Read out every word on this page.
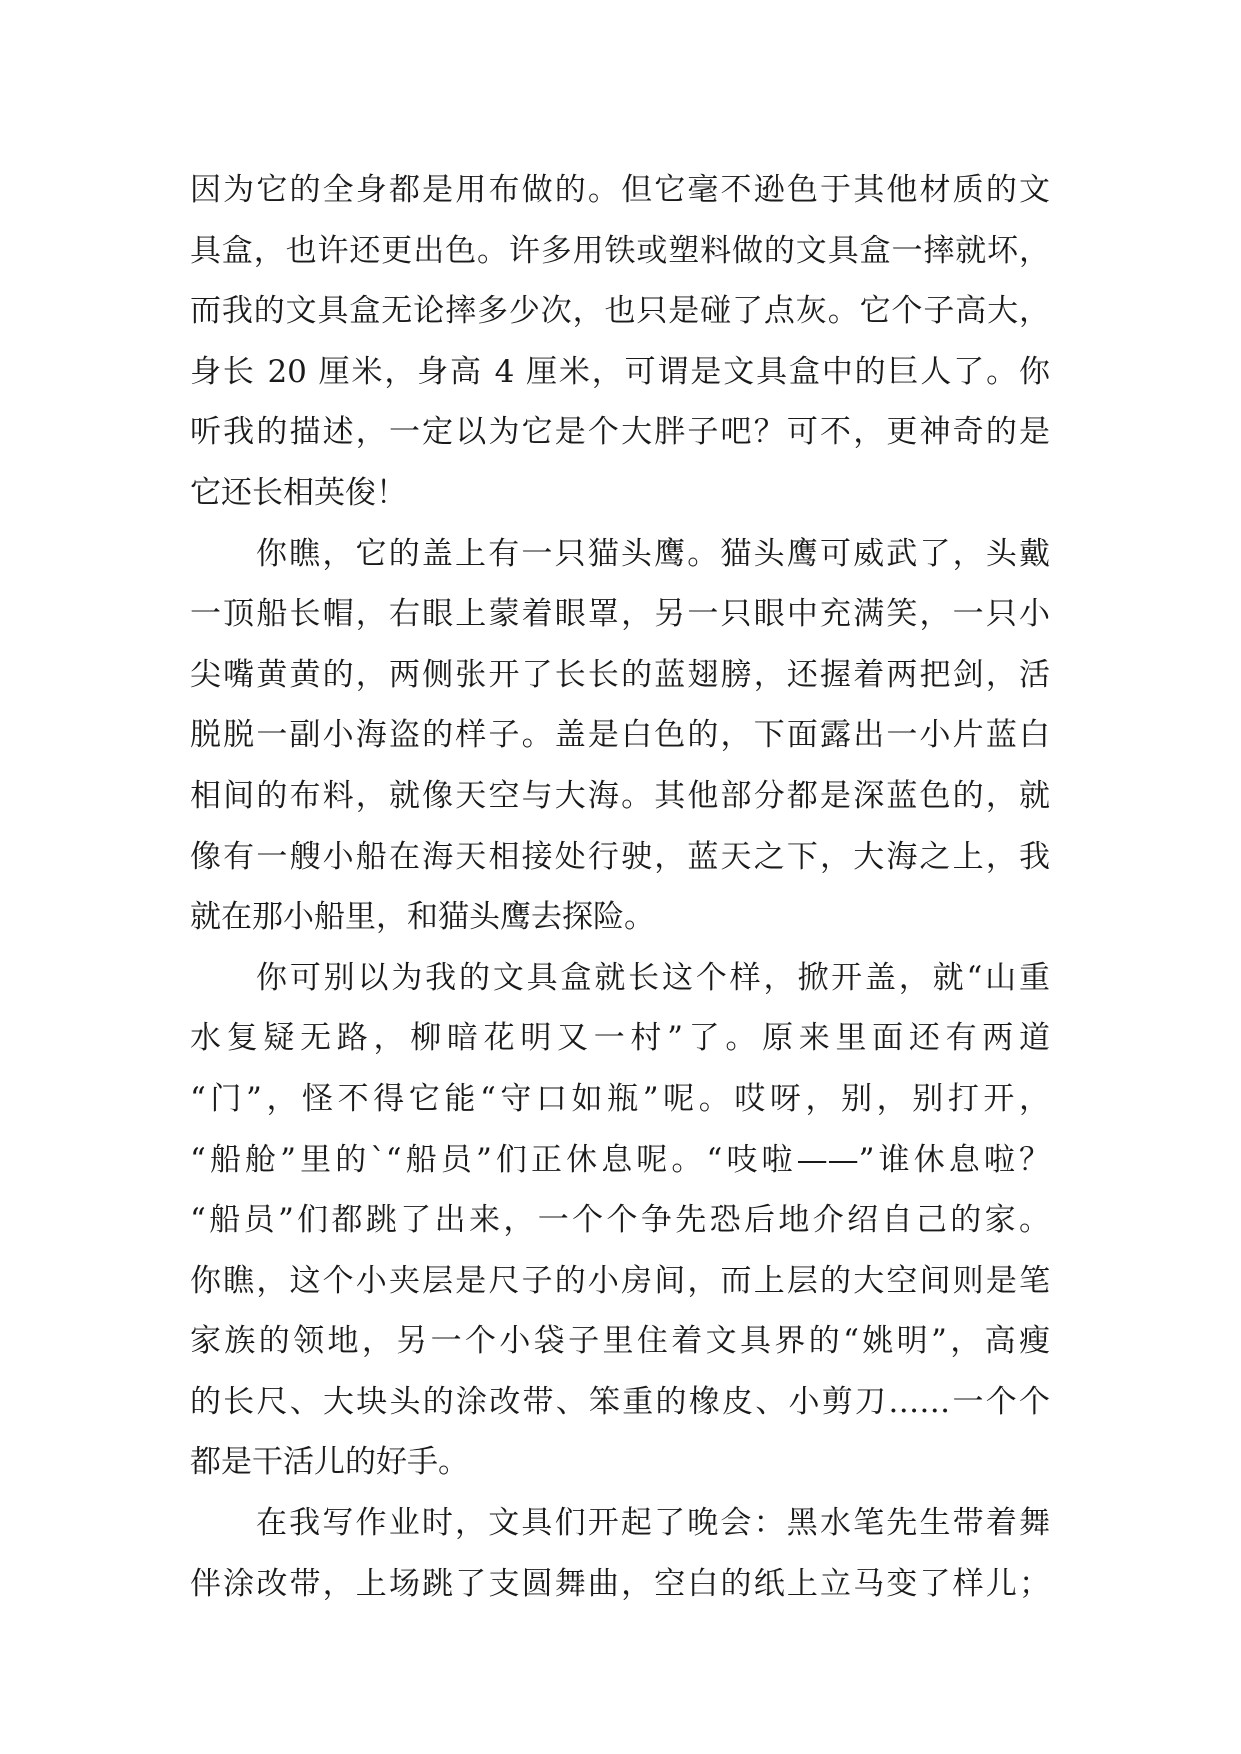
因为它的全身都是用布做的。但它毫不逊色于其他材质的文
具盒，也许还更出色。许多用铁或塑料做的文具盒一摔就坏，
而我的文具盒无论摔多少次，也只是碰了点灰。它个子高大，
身长 20 厘米，身高 4 厘米，可谓是文具盒中的巨人了。你
听我的描述，一定以为它是个大胖子吧？可不，更神奇的是
它还长相英俊！
你瞧，它的盖上有一只猫头鹰。猫头鹰可威武了，头戴
一顶船长帽，右眼上蒙着眼罩，另一只眼中充满笑，一只小
尖嘴黄黄的，两侧张开了长长的蓝翅膀，还握着两把剑，活
脱脱一副小海盗的样子。盖是白色的，下面露出一小片蓝白
相间的布料，就像天空与大海。其他部分都是深蓝色的，就
像有一艘小船在海天相接处行驶，蓝天之下，大海之上，我
就在那小船里，和猫头鹰去探险。
你可别以为我的文具盒就长这个样，掀开盖，就“山重
水复疑无路，柳暗花明又一村”了。原来里面还有两道
“门”，怪不得它能“守口如瓶”呢。哎呀，别，别打开，
“船舱”里的`“船员”们正休息呢。“吱啦——”谁休息啦？
“船员”们都跳了出来，一个个争先恐后地介绍自己的家。
你瞧，这个小夹层是尺子的小房间，而上层的大空间则是笔
家族的领地，另一个小袋子里住着文具界的“姚明”，高瘦
的长尺、大块头的涂改带、笨重的橡皮、小剪刀……一个个
都是干活儿的好手。
在我写作业时，文具们开起了晚会：黑水笔先生带着舞
伴涂改带，上场跳了支圆舞曲，空白的纸上立马变了样儿；
